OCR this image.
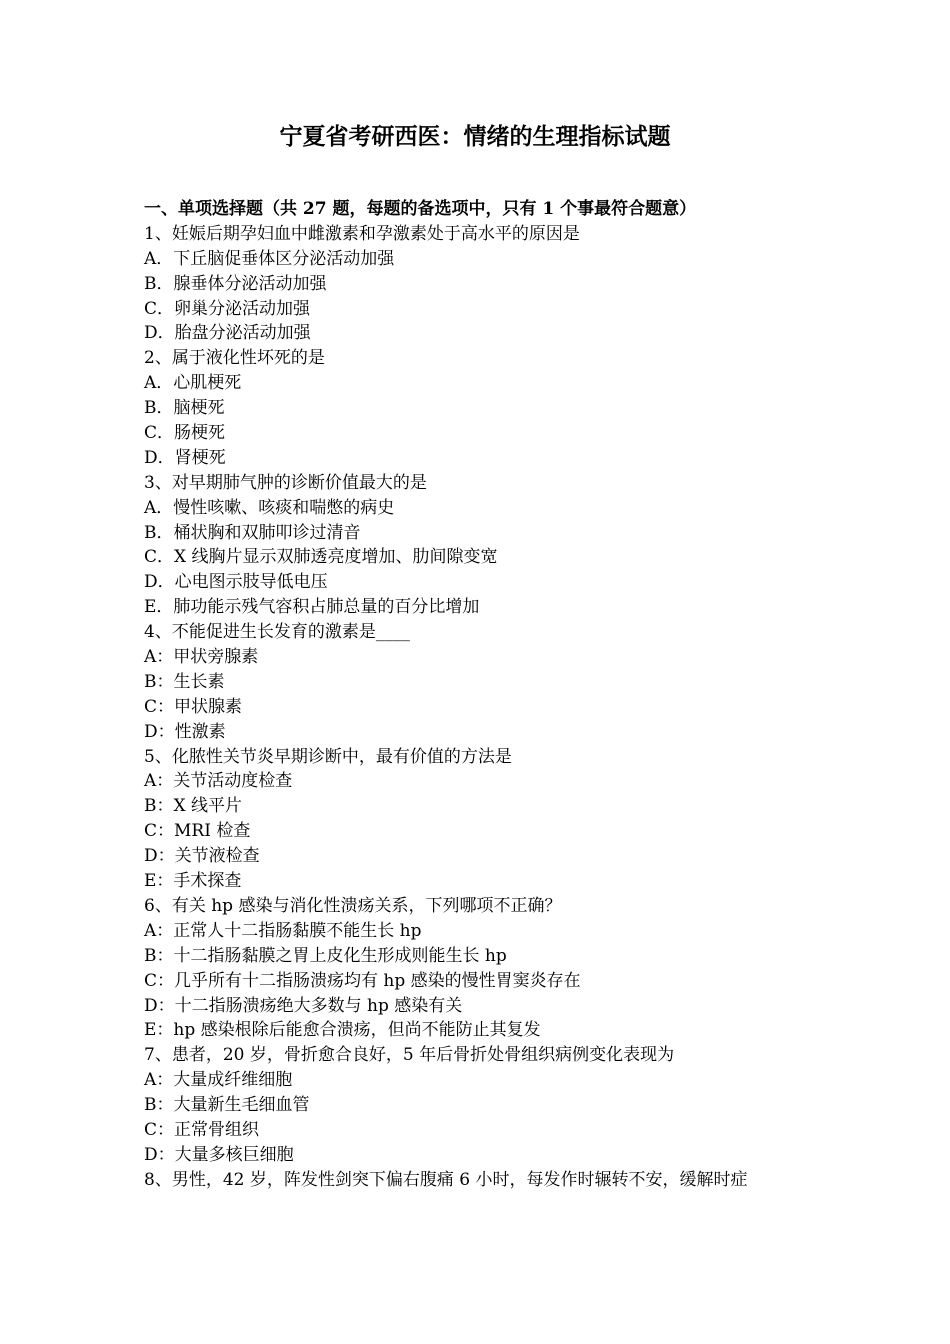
宁夏省考研西医：情绪的生理指标试题
一、单项选择题（共 27 题，每题的备选项中，只有 1 个事最符合题意）
1、妊娠后期孕妇血中雌激素和孕激素处于高水平的原因是
A．下丘脑促垂体区分泌活动加强
B．腺垂体分泌活动加强
C．卵巢分泌活动加强
D．胎盘分泌活动加强
2、属于液化性坏死的是
A．心肌梗死
B．脑梗死
C．肠梗死
D．肾梗死
3、对早期肺气肿的诊断价值最大的是
A．慢性咳嗽、咳痰和喘憋的病史
B．桶状胸和双肺叩诊过清音
C．X 线胸片显示双肺透亮度增加、肋间隙变宽
D．心电图示肢导低电压
E．肺功能示残气容积占肺总量的百分比增加
4、不能促进生长发育的激素是____
A：甲状旁腺素
B：生长素
C：甲状腺素
D：性激素
5、化脓性关节炎早期诊断中，最有价值的方法是
A：关节活动度检查
B：X 线平片
C：MRI 检查
D：关节液检查
E：手术探查
6、有关 hp 感染与消化性溃疡关系，下列哪项不正确？
A：正常人十二指肠黏膜不能生长 hp
B：十二指肠黏膜之胃上皮化生形成则能生长 hp
C：几乎所有十二指肠溃疡均有 hp 感染的慢性胃窦炎存在
D：十二指肠溃疡绝大多数与 hp 感染有关
E：hp 感染根除后能愈合溃疡，但尚不能防止其复发
7、患者，20 岁，骨折愈合良好，5 年后骨折处骨组织病例变化表现为
A：大量成纤维细胞
B：大量新生毛细血管
C：正常骨组织
D：大量多核巨细胞
8、男性，42 岁，阵发性剑突下偏右腹痛 6 小时，每发作时辗转不安，缓解时症
